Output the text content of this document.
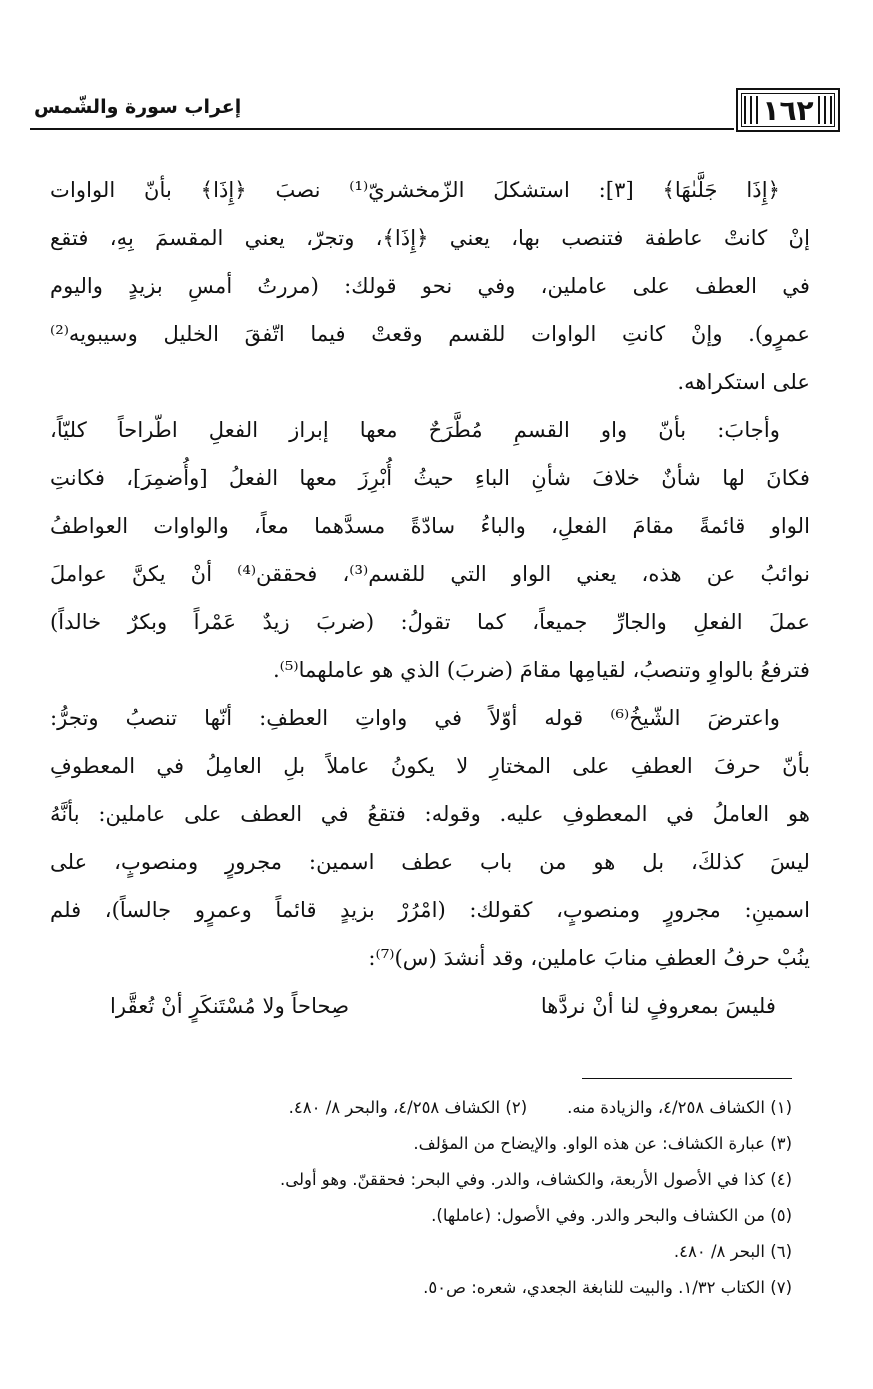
١٦٢
إعراب سورة والشّمس
﴿إِذَا جَلَّىٰهَا﴾ [٣]: استشكلَ الزّمخشريّ⁽¹⁾ نصبَ ﴿إِذَا﴾ بأنّ الواوات
إنْ كانتْ عاطفة فتنصب بها، يعني ﴿إِذَا﴾، وتجرّ، يعني المقسمَ بِهِ، فتقع
في العطف على عاملين، وفي نحو قولك: (مررتُ أمسِ بزيدٍ واليوم
عمرٍو). وإنْ كانتِ الواوات للقسم وقعتْ فيما اتّفقَ الخليل وسيبويه⁽²⁾
على استكراهه.
وأجابَ: بأنّ واو القسمِ مُطَّرَحٌ معها إبراز الفعلِ اطّراحاً كليّاً،
فكانَ لها شأنٌ خلافَ شأنِ الباءِ حيثُ أُبْرِزَ معها الفعلُ [وأُضمِرَ]، فكانتِ
الواو قائمةً مقامَ الفعلِ، والباءُ سادّةً مسدَّهما معاً، والواوات العواطفُ
نوائبُ عن هذه، يعني الواو التي للقسم⁽³⁾، فحققن⁽⁴⁾ أنْ يكنَّ عواملَ
عملَ الفعلِ والجارِّ جميعاً، كما تقولُ: (ضربَ زيدٌ عَمْراً وبكرٌ خالداً)
فترفعُ بالواوِ وتنصبُ، لقيامِها مقامَ (ضربَ) الذي هو عاملهما⁽⁵⁾.
واعترضَ الشّيخُ⁽⁶⁾ قوله أوّلاً في واواتِ العطفِ: أنّها تنصبُ وتجرُّ:
بأنّ حرفَ العطفِ على المختارِ لا يكونُ عاملاً بلِ العامِلُ في المعطوفِ
هو العاملُ في المعطوفِ عليه. وقوله: فتقعُ في العطف على عاملين: بأنَّهُ
ليسَ كذلكَ، بل هو من باب عطف اسمين: مجرورٍ ومنصوبٍ، على
اسمينِ: مجرورٍ ومنصوبٍ، كقولك: (امْرُرْ بزيدٍ قائماً وعمرٍو جالساً)، فلم
ينُبْ حرفُ العطفِ منابَ عاملين، وقد أنشدَ (س)⁽⁷⁾:
فليسَ بمعروفٍ لنا أنْ نردَّها
صِحاحاً ولا مُسْتَنكَرٍ أنْ تُعقَّرا
(١) الكشاف ٤/٢٥٨، والزيادة منه.(٢) الكشاف ٤/٢٥٨، والبحر ٨/ ٤٨٠.
(٣) عبارة الكشاف: عن هذه الواو. والإيضاح من المؤلف.
(٤) كذا في الأصول الأربعة، والكشاف، والدر. وفي البحر: فحققنّ. وهو أولى.
(٥) من الكشاف والبحر والدر. وفي الأصول: (عاملها).
(٦) البحر ٨/ ٤٨٠.
(٧) الكتاب ١/٣٢. والبيت للنابغة الجعدي، شعره: ص٥٠.
